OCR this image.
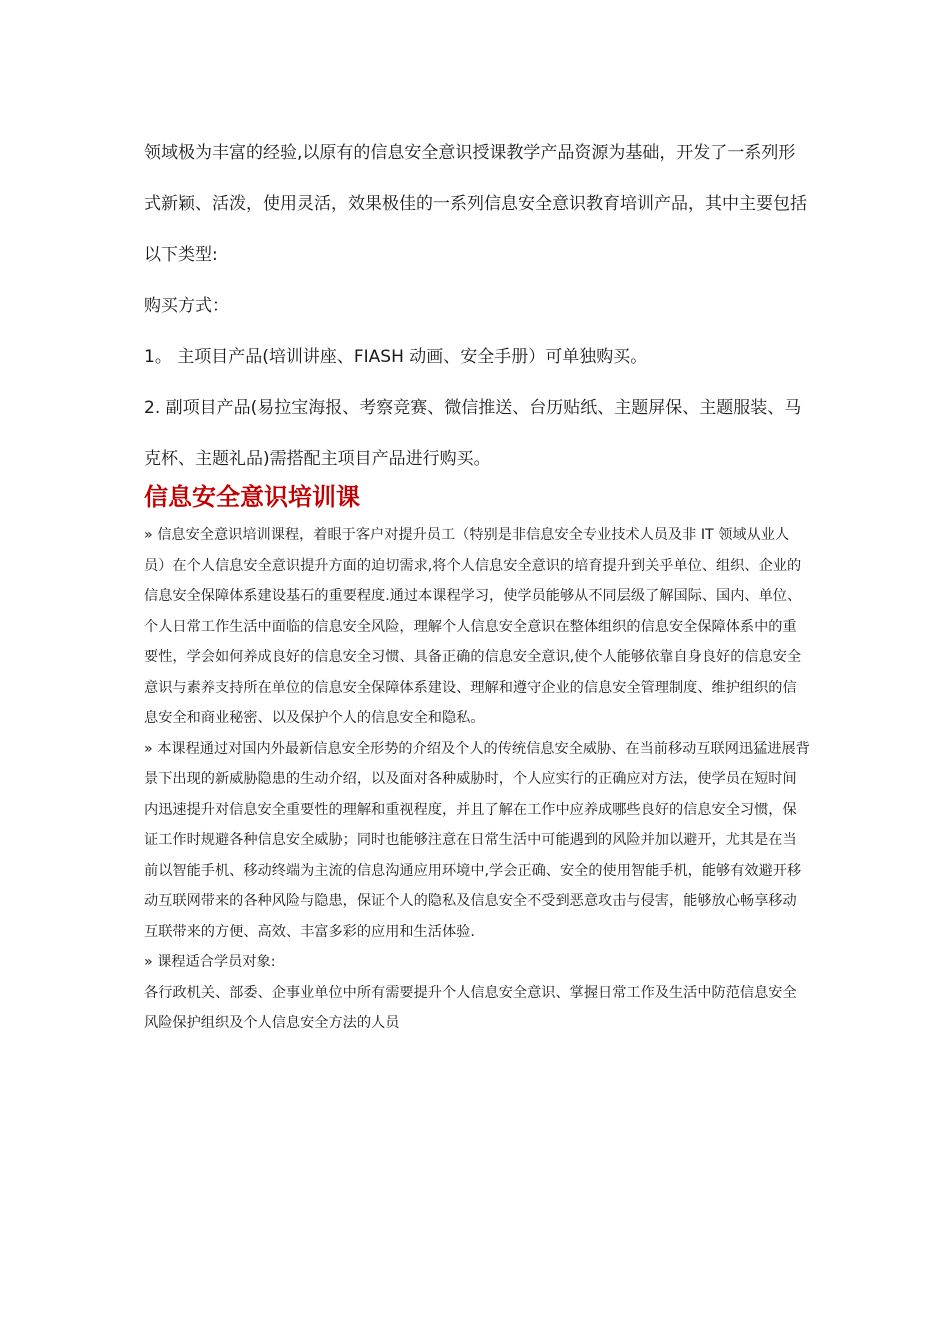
领域极为丰富的经验,以原有的信息安全意识授课教学产品资源为基础，开发了一系列形式新颖、活泼，使用灵活，效果极佳的一系列信息安全意识教育培训产品，其中主要包括以下类型:

购买方式：

1。 主项目产品(培训讲座、FIASH 动画、安全手册）可单独购买。

2. 副项目产品(易拉宝海报、考察竞赛、微信推送、台历贴纸、主题屏保、主题服装、马克杯、主题礼品)需搭配主项目产品进行购买。

信息安全意识培训课

» 信息安全意识培训课程，着眼于客户对提升员工（特别是非信息安全专业技术人员及非 IT 领域从业人员）在个人信息安全意识提升方面的迫切需求,将个人信息安全意识的培育提升到关乎单位、组织、企业的信息安全保障体系建设基石的重要程度.通过本课程学习，使学员能够从不同层级了解国际、国内、单位、个人日常工作生活中面临的信息安全风险，理解个人信息安全意识在整体组织的信息安全保障体系中的重要性，学会如何养成良好的信息安全习惯、具备正确的信息安全意识,使个人能够依靠自身良好的信息安全意识与素养支持所在单位的信息安全保障体系建设、理解和遵守企业的信息安全管理制度、维护组织的信息安全和商业秘密、以及保护个人的信息安全和隐私。

» 本课程通过对国内外最新信息安全形势的介绍及个人的传统信息安全威胁、在当前移动互联网迅猛进展背景下出现的新威胁隐患的生动介绍，以及面对各种威胁时，个人应实行的正确应对方法，使学员在短时间内迅速提升对信息安全重要性的理解和重视程度，并且了解在工作中应养成哪些良好的信息安全习惯，保证工作时规避各种信息安全威胁；同时也能够注意在日常生活中可能遇到的风险并加以避开，尤其是在当前以智能手机、移动终端为主流的信息沟通应用环境中,学会正确、安全的使用智能手机，能够有效避开移动互联网带来的各种风险与隐患，保证个人的隐私及信息安全不受到恶意攻击与侵害，能够放心畅享移动互联带来的方便、高效、丰富多彩的应用和生活体验.

» 课程适合学员对象:

各行政机关、部委、企事业单位中所有需要提升个人信息安全意识、掌握日常工作及生活中防范信息安全风险保护组织及个人信息安全方法的人员
